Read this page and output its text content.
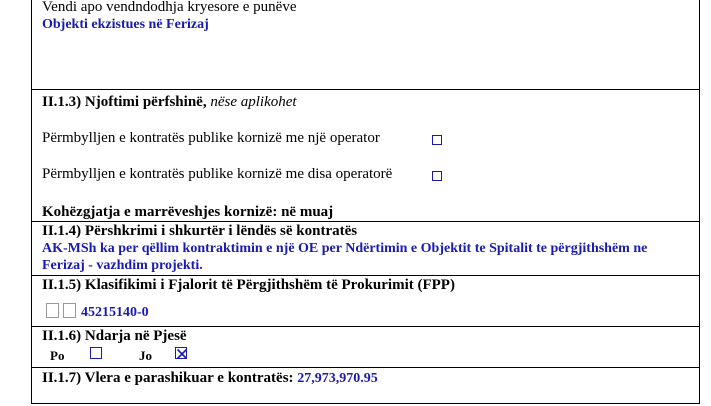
Vendi apo vendndodhja kryesore e punëve
Objekti ekzistues në Ferizaj
II.1.3) Njoftimi përfshinë, nëse aplikohet
Përmbylljen e kontratës publike kornizë me një operator
Përmbylljen e kontratës publike kornizë me disa operatorë
Kohëzgjatja e marrëveshjes kornizë: në muaj
II.1.4) Përshkrimi i shkurtër i lëndës së kontratës
AK-MSh ka per qëllim kontraktimin e një OE per Ndërtimin e Objektit te Spitalit te përgjithshëm ne
Ferizaj - vazhdim projekti.
II.1.5) Klasifikimi i Fjalorit të Përgjithshëm të Prokurimit (FPP)
45215140-0
II.1.6) Ndarja në Pjesë
Po	Jo
II.1.7) Vlera e parashikuar e kontratës: 27,973,970.95
